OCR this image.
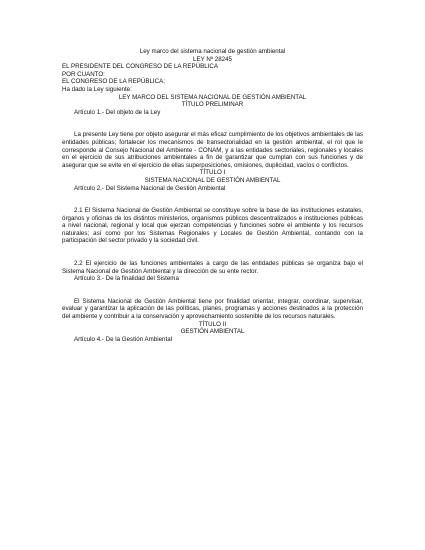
Ley marco del sistema nacional de gestión ambiental
LEY Nº 28245
EL PRESIDENTE DEL CONGRESO DE LA REPÚBLICA
POR CUANTO:
EL CONGRESO DE LA REPÚBLICA;
Ha dado la Ley siguiente:
LEY MARCO DEL SISTEMA NACIONAL DE GESTIÓN AMBIENTAL
TÍTULO PRELIMINAR
Artículo 1.- Del objeto de la Ley

La presente Ley tiene por objeto asegurar el más eficaz cumplimiento de los objetivos ambientales de las entidades públicas; fortalecer los mecanismos de transectorialidad en la gestión ambiental, el rol que le corresponde al Consejo Nacional del Ambiente - CONAM, y a las entidades sectoriales, regionales y locales en el ejercicio de sus atribuciones ambientales a fin de garantizar que cumplan con sus funciones y de asegurar que se evite en el ejercicio de ellas superposiciones, omisiones, duplicidad, vacíos o conflictos.

TÍTULO I
SISTEMA NACIONAL DE GESTIÓN AMBIENTAL
Artículo 2.- Del Sistema Nacional de Gestión Ambiental

2.1 El Sistema Nacional de Gestión Ambiental se constituye sobre la base de las instituciones estatales, órganos y oficinas de los distintos ministerios, organismos públicos descentralizados e instituciones públicas a nivel nacional, regional y local que ejerzan competencias y funciones sobre el ambiente y los recursos naturales; así como por los Sistemas Regionales y Locales de Gestión Ambiental, contando con la participación del sector privado y la sociedad civil.

2.2 El ejercicio de las funciones ambientales a cargo de las entidades públicas se organiza bajo el Sistema Nacional de Gestión Ambiental y la dirección de su ente rector.

Artículo 3.- De la finalidad del Sistema

El Sistema Nacional de Gestión Ambiental tiene por finalidad orientar, integrar, coordinar, supervisar, evaluar y garantizar la aplicación de las políticas, planes, programas y acciones destinados a la protección del ambiente y contribuir a la conservación y aprovechamiento sostenible de los recursos naturales.

TÍTULO II
GESTIÓN AMBIENTAL
Artículo 4.- De la Gestión Ambiental
